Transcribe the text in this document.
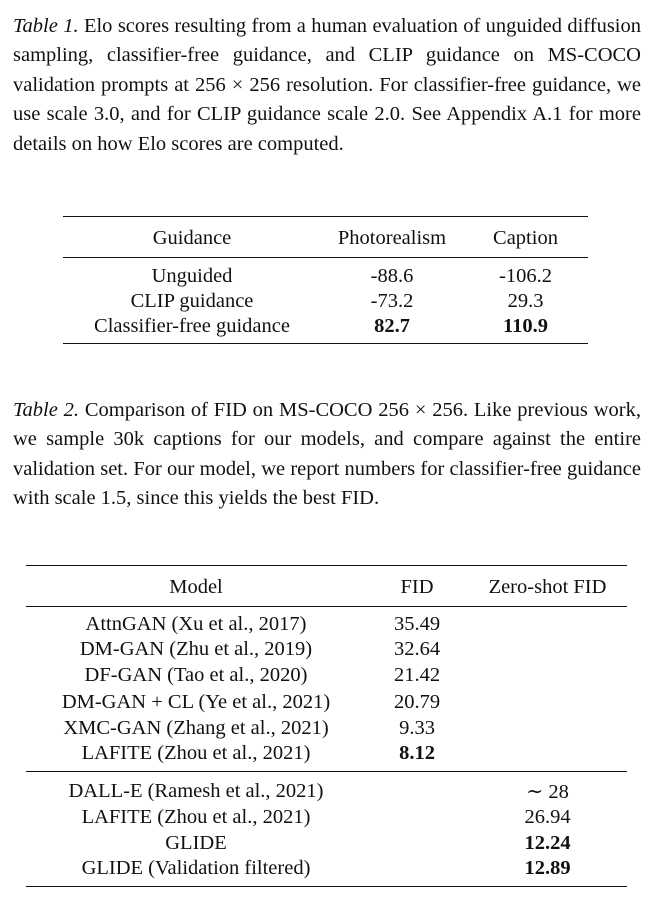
Table 1. Elo scores resulting from a human evaluation of unguided diffusion sampling, classifier-free guidance, and CLIP guidance on MS-COCO validation prompts at 256 × 256 resolution. For classifier-free guidance, we use scale 3.0, and for CLIP guidance scale 2.0. See Appendix A.1 for more details on how Elo scores are computed.

Guidance	Photorealism	Caption
Unguided	-88.6	-106.2
CLIP guidance	-73.2	29.3
Classifier-free guidance	82.7	110.9

Table 2. Comparison of FID on MS-COCO 256 × 256. Like previous work, we sample 30k captions for our models, and compare against the entire validation set. For our model, we report numbers for classifier-free guidance with scale 1.5, since this yields the best FID.

Model	FID	Zero-shot FID
AttnGAN (Xu et al., 2017)	35.49	
DM-GAN (Zhu et al., 2019)	32.64	
DF-GAN (Tao et al., 2020)	21.42	
DM-GAN + CL (Ye et al., 2021)	20.79	
XMC-GAN (Zhang et al., 2021)	9.33	
LAFITE (Zhou et al., 2021)	8.12	
DALL-E (Ramesh et al., 2021)		∼ 28
LAFITE (Zhou et al., 2021)		26.94
GLIDE		12.24
GLIDE (Validation filtered)		12.89
